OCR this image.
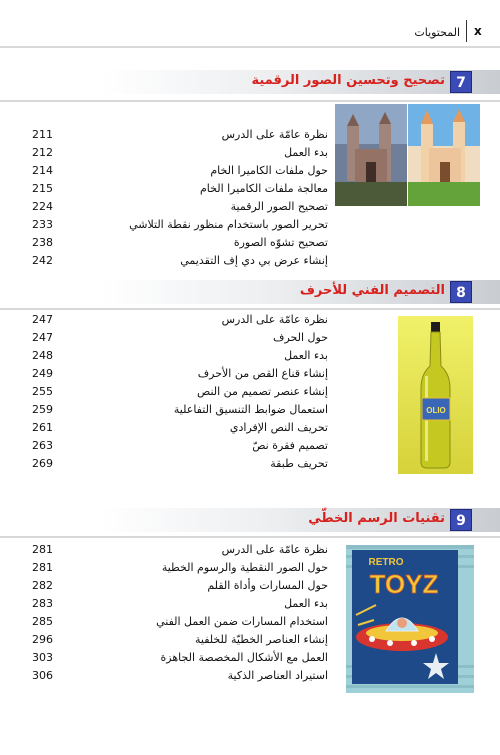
x
المحتويات
7
تصحيح وتحسين الصور الرقمية
211	نظرة عامّة على الدرس
212	بدء العمل
214	حول ملفات الكاميرا الخام
215	معالجة ملفات الكاميرا الخام
224	تصحيح الصور الرقمية
233	تحرير الصور باستخدام منظور نقطة التلاشي
238	تصحيح تشوّه الصورة
242	إنشاء عرض بي دي إف التقديمي
8
التصميم الفني للأحرف
247	نظرة عامّة على الدرس
247	حول الحرف
248	بدء العمل
249	إنشاء قناع القص من الأحرف
255	إنشاء عنصر تصميم من النص
259	استعمال ضوابط التنسيق التفاعلية
261	تحريف النص الإفرادي
263	تصميم فقرة نصّ
269	تحريف طبقة
OLIO
9
تقنيات الرسم الخطّي
281	نظرة عامّة على الدرس
281	حول الصور النقطية والرسوم الخطية
282	حول المسارات وأداة القلم
283	بدء العمل
285	استخدام المسارات ضمن العمل الفني
296	إنشاء العناصر الخطيّة للخلفية
303	العمل مع الأشكال المخصصة الجاهزة
306	استيراد العناصر الذكية
RETRO
TOYZ
